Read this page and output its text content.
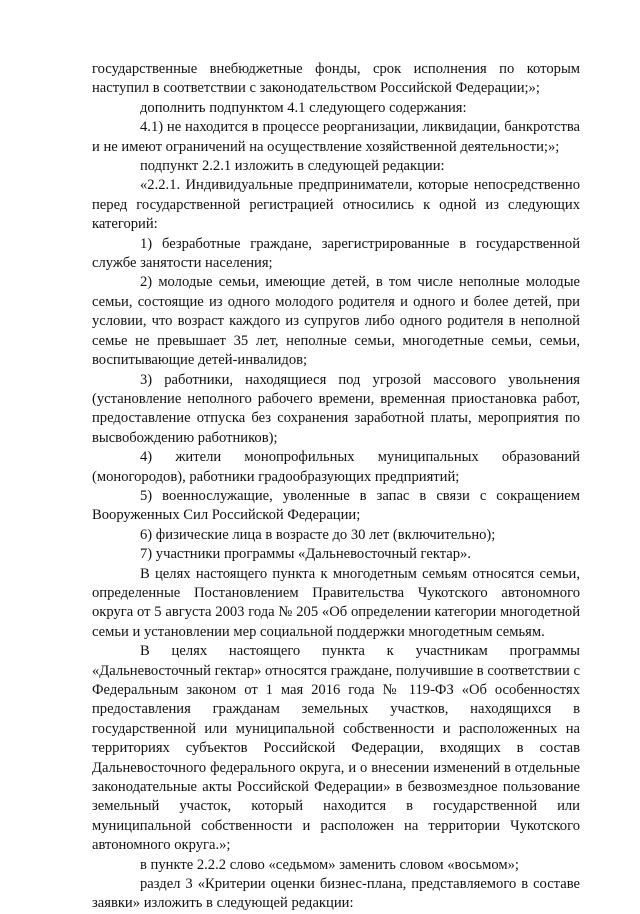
государственные внебюджетные фонды, срок исполнения по которым наступил в соответствии с законодательством Российской Федерации;»;

дополнить подпунктом 4.1 следующего содержания:

4.1) не находится в процессе реорганизации, ликвидации, банкротства и не имеют ограничений на осуществление хозяйственной деятельности;»;

подпункт 2.2.1 изложить в следующей редакции:

«2.2.1. Индивидуальные предприниматели, которые непосредственно перед государственной регистрацией относились к одной из следующих категорий:

1) безработные граждане, зарегистрированные в государственной службе занятости населения;

2) молодые семьи, имеющие детей, в том числе неполные молодые семьи, состоящие из одного молодого родителя и одного и более детей, при условии, что возраст каждого из супругов либо одного родителя в неполной семье не превышает 35 лет, неполные семьи, многодетные семьи, семьи, воспитывающие детей-инвалидов;

3) работники, находящиеся под угрозой массового увольнения (установление неполного рабочего времени, временная приостановка работ, предоставление отпуска без сохранения заработной платы, мероприятия по высвобождению работников);

4) жители монопрофильных муниципальных образований (моногородов), работники градообразующих предприятий;

5) военнослужащие, уволенные в запас в связи с сокращением Вооруженных Сил Российской Федерации;

6) физические лица в возрасте до 30 лет (включительно);

7) участники программы «Дальневосточный гектар».

В целях настоящего пункта к многодетным семьям относятся семьи, определенные Постановлением Правительства Чукотского автономного округа от 5 августа 2003 года № 205 «Об определении категории многодетной семьи и установлении мер социальной поддержки многодетным семьям.

В целях настоящего пункта к участникам программы «Дальневосточный гектар» относятся граждане, получившие в соответствии с Федеральным законом от 1 мая 2016 года № 119-ФЗ «Об особенностях предоставления гражданам земельных участков, находящихся в государственной или муниципальной собственности и расположенных на территориях субъектов Российской Федерации, входящих в состав Дальневосточного федерального округа, и о внесении изменений в отдельные законодательные акты Российской Федерации» в безвозмездное пользование земельный участок, который находится в государственной или муниципальной собственности и расположен на территории Чукотского автономного округа.»;

в пункте 2.2.2 слово «седьмом» заменить словом «восьмом»;

раздел 3 «Критерии оценки бизнес-плана, представляемого в составе заявки» изложить в следующей редакции:
